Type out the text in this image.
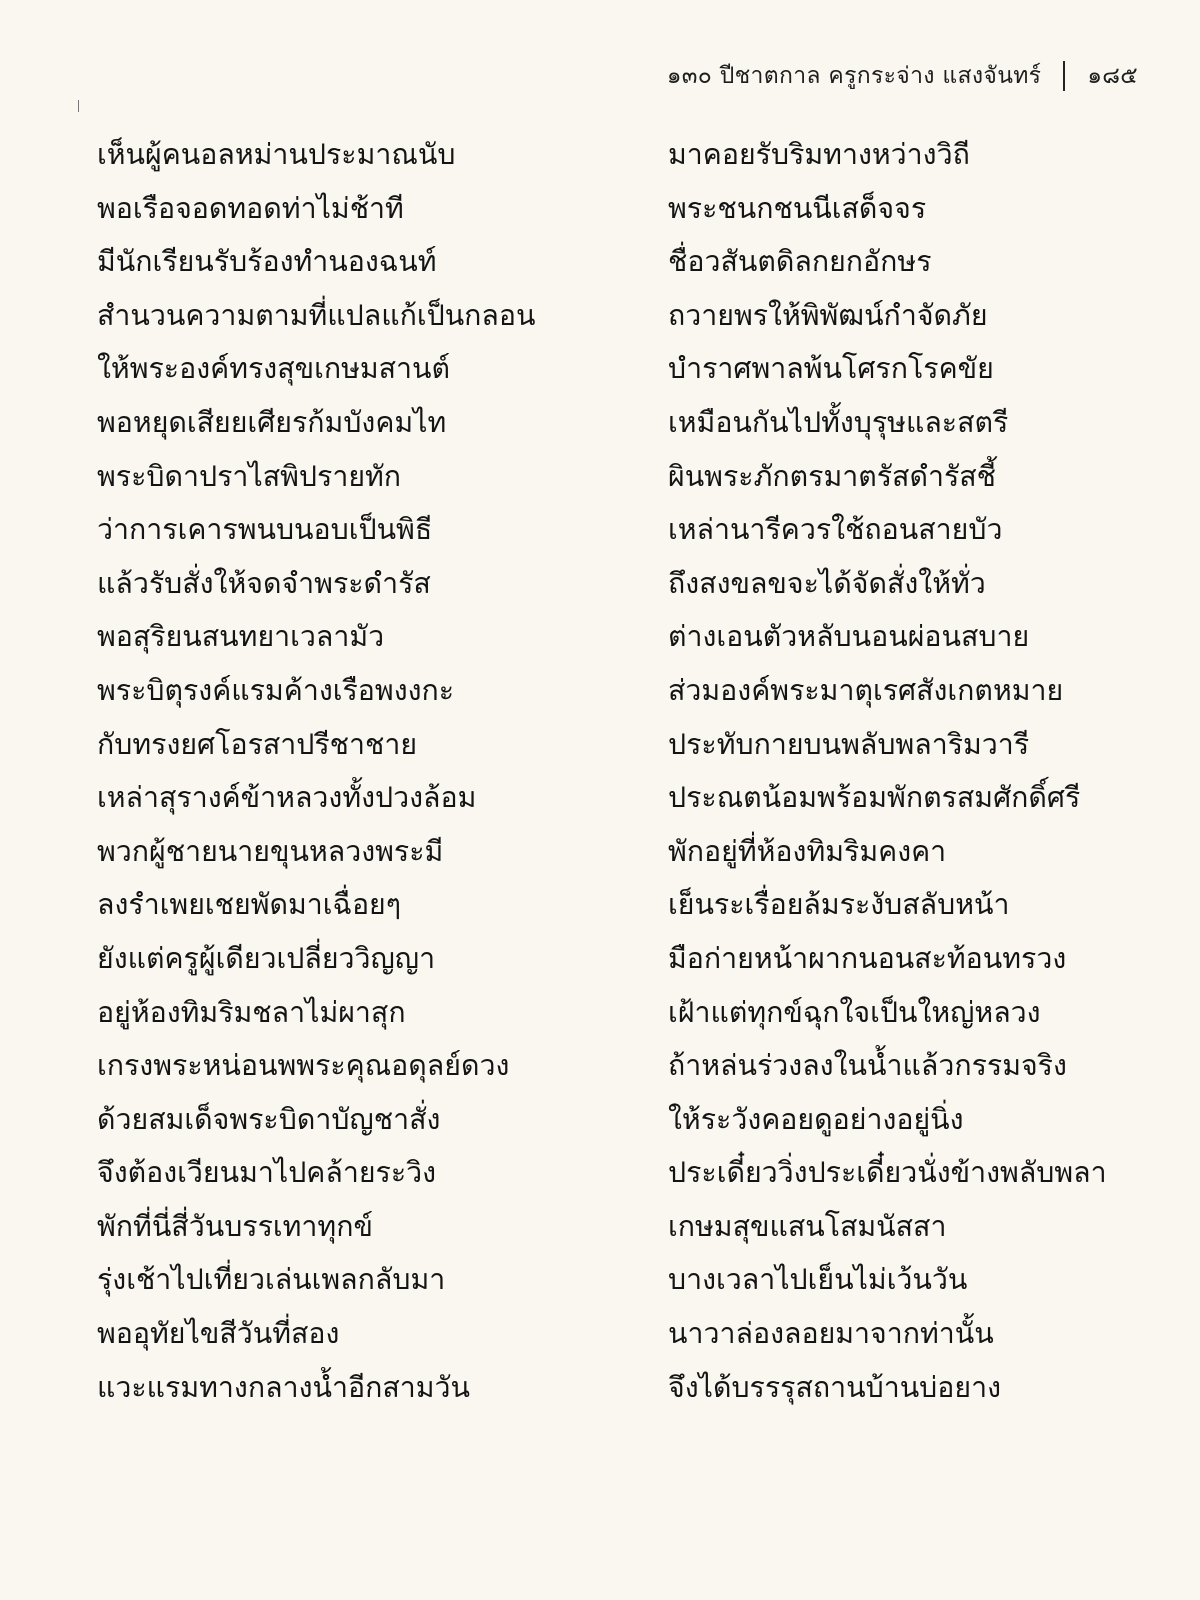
๑๓๐ ปีชาตกาล ครูกระจ่าง แสงจันทร์ ๑๘๕
เห็นผู้คนอลหม่านประมาณนับ
พอเรือจอดทอดท่าไม่ช้าที
มีนักเรียนรับร้องทำนองฉนท์
สำนวนความตามที่แปลแก้เป็นกลอน
ให้พระองค์ทรงสุขเกษมสานต์
พอหยุดเสียยเศียรก้มบังคมไท
พระบิดาปราไสพิปรายทัก
ว่าการเคารพนบนอบเป็นพิธี
แล้วรับสั่งให้จดจำพระดำรัส
พอสุริยนสนทยาเวลามัว
พระบิตุรงค์แรมค้างเรือพงงกะ
กับทรงยศโอรสาปรีชาชาย
เหล่าสุรางค์ข้าหลวงทั้งปวงล้อม
พวกผู้ชายนายขุนหลวงพระมี
ลงรำเพยเชยพัดมาเฉื่อยๆ
ยังแต่ครูผู้เดียวเปลี่ยววิญญา
อยู่ห้องทิมริมชลาไม่ผาสุก
เกรงพระหน่อนพพระคุณอดุลย์ดวง
ด้วยสมเด็จพระบิดาบัญชาสั่ง
จึงต้องเวียนมาไปคล้ายระวิง
พักที่นี่สี่วันบรรเทาทุกข์
รุ่งเช้าไปเที่ยวเล่นเพลกลับมา
พออุทัยไขสีวันที่สอง
แวะแรมทางกลางน้ำอีกสามวัน
มาคอยรับริมทางหว่างวิถี
พระชนกชนนีเสด็จจร
ชื่อวสันตดิลกยกอักษร
ถวายพรให้พิพัฒน์กำจัดภัย
บำราศพาลพ้นโศรกโรคขัย
เหมือนกันไปทั้งบุรุษและสตรี
ผินพระภักตรมาตรัสดำรัสชี้
เหล่านารีควรใช้ถอนสายบัว
ถึงสงขลขจะได้จัดสั่งให้ทั่ว
ต่างเอนตัวหลับนอนผ่อนสบาย
ส่วมองค์พระมาตุเรศสังเกตหมาย
ประทับกายบนพลับพลาริมวารี
ประณตน้อมพร้อมพักตรสมศักดิ์ศรี
พักอยู่ที่ห้องทิมริมคงคา
เย็นระเรื่อยล้มระงับสลับหน้า
มือก่ายหน้าผากนอนสะท้อนทรวง
เฝ้าแต่ทุกข์ฉุกใจเป็นใหญ่หลวง
ถ้าหล่นร่วงลงในน้ำแล้วกรรมจริง
ให้ระวังคอยดูอย่างอยู่นิ่ง
ประเดี๋ยววิ่งประเดี๋ยวนั่งข้างพลับพลา
เกษมสุขแสนโสมนัสสา
บางเวลาไปเย็นไม่เว้นวัน
นาวาล่องลอยมาจากท่านั้น
จึงได้บรรรุสถานบ้านบ่อยาง
